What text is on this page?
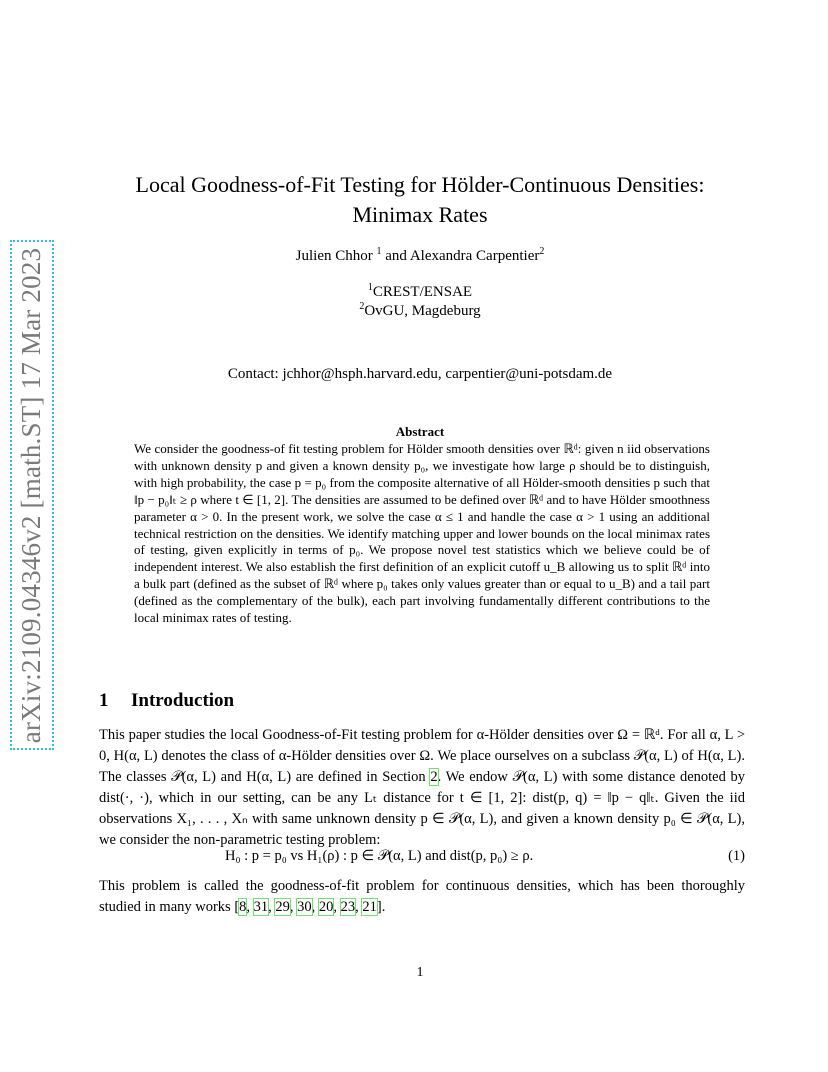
arXiv:2109.04346v2 [math.ST] 17 Mar 2023
Local Goodness-of-Fit Testing for Hölder-Continuous Densities:
Minimax Rates
Julien Chhor $^1$ and Alexandra Carpentier$^2$
$^1$CREST/ENSAE
$^2$OvGU, Magdeburg
Contact: jchhor@hsph.harvard.edu, carpentier@uni-potsdam.de
Abstract
We consider the goodness-of fit testing problem for Hölder smooth densities over ℝᵈ: given n iid observations with unknown density p and given a known density p₀, we investigate how large ρ should be to distinguish, with high probability, the case p = p₀ from the composite alternative of all Hölder-smooth densities p such that ‖p − p₀‖ₜ ≥ ρ where t ∈ [1, 2]. The densities are assumed to be defined over ℝᵈ and to have Hölder smoothness parameter α > 0. In the present work, we solve the case α ≤ 1 and handle the case α > 1 using an additional technical restriction on the densities. We identify matching upper and lower bounds on the local minimax rates of testing, given explicitly in terms of p₀. We propose novel test statistics which we believe could be of independent interest. We also establish the first definition of an explicit cutoff u_B allowing us to split ℝᵈ into a bulk part (defined as the subset of ℝᵈ where p₀ takes only values greater than or equal to u_B) and a tail part (defined as the complementary of the bulk), each part involving fundamentally different contributions to the local minimax rates of testing.
1 Introduction
This paper studies the local Goodness-of-Fit testing problem for α-Hölder densities over Ω = ℝᵈ. For all α, L > 0, H(α, L) denotes the class of α-Hölder densities over Ω. We place ourselves on a subclass 𝒫(α, L) of H(α, L). The classes 𝒫(α, L) and H(α, L) are defined in Section 2. We endow 𝒫(α, L) with some distance denoted by dist(·, ·), which in our setting, can be any Lₜ distance for t ∈ [1, 2]: dist(p, q) = ‖p − q‖ₜ. Given the iid observations X₁, . . . , Xₙ with same unknown density p ∈ 𝒫(α, L), and given a known density p₀ ∈ 𝒫(α, L), we consider the non-parametric testing problem:
H₀ : p = p₀ vs H₁(ρ) : p ∈ 𝒫(α, L) and dist(p, p₀) ≥ ρ.	(1)
This problem is called the goodness-of-fit problem for continuous densities, which has been thoroughly studied in many works [8, 31, 29, 30, 20, 23, 21].
1
